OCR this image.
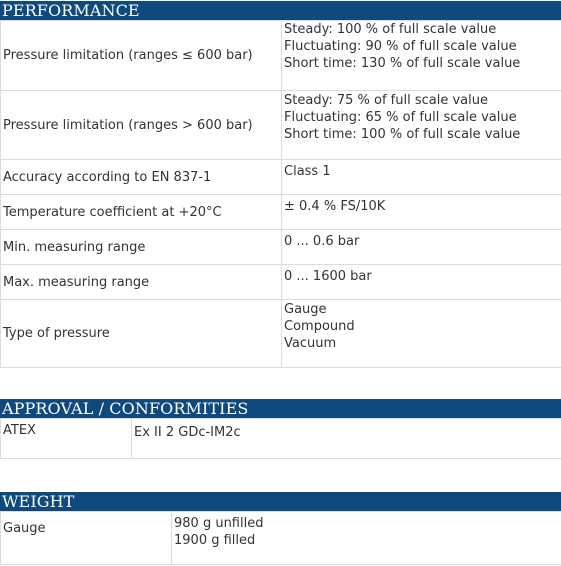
PERFORMANCE
Pressure limitation (ranges ≤ 600 bar)	Steady: 100 % of full scale value
Fluctuating: 90 % of full scale value
Short time: 130 % of full scale value

Pressure limitation (ranges > 600 bar)	Steady: 75 % of full scale value
Fluctuating: 65 % of full scale value
Short time: 100 % of full scale value

Accuracy according to EN 837-1	Class 1
Temperature coefficient at +20°C	± 0.4 % FS/10K
Min. measuring range	0 ... 0.6 bar
Max. measuring range	0 ... 1600 bar
Type of pressure	Gauge
Compound
Vacuum
APPROVAL / CONFORMITIES
ATEX	Ex II 2 GDc-IM2c
WEIGHT
Gauge	980 g unfilled
1900 g filled
